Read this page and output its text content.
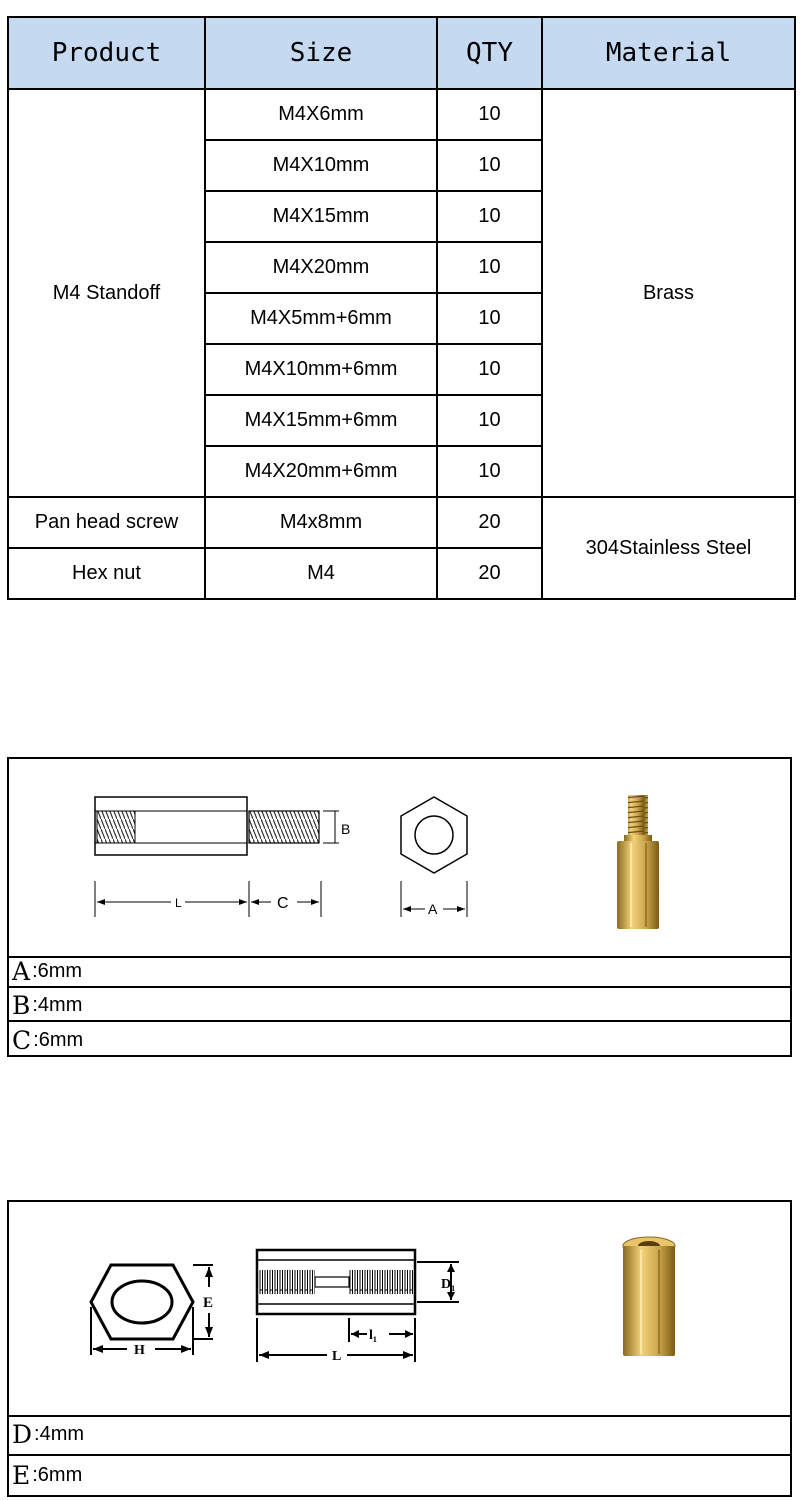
Product	Size	QTY	Material
M4 Standoff	M4X6mm	10	Brass
	M4X10mm	10	
	M4X15mm	10	
	M4X20mm	10	
	M4X5mm+6mm	10	
	M4X10mm+6mm	10	
	M4X15mm+6mm	10	
	M4X20mm+6mm	10	
Pan head screw	M4x8mm	20	304Stainless Steel
Hex nut	M4	20	
B
L	C	A
A :6mm
B :4mm
C :6mm
E
H
D₁
l₁
L
D :4mm
E :6mm
